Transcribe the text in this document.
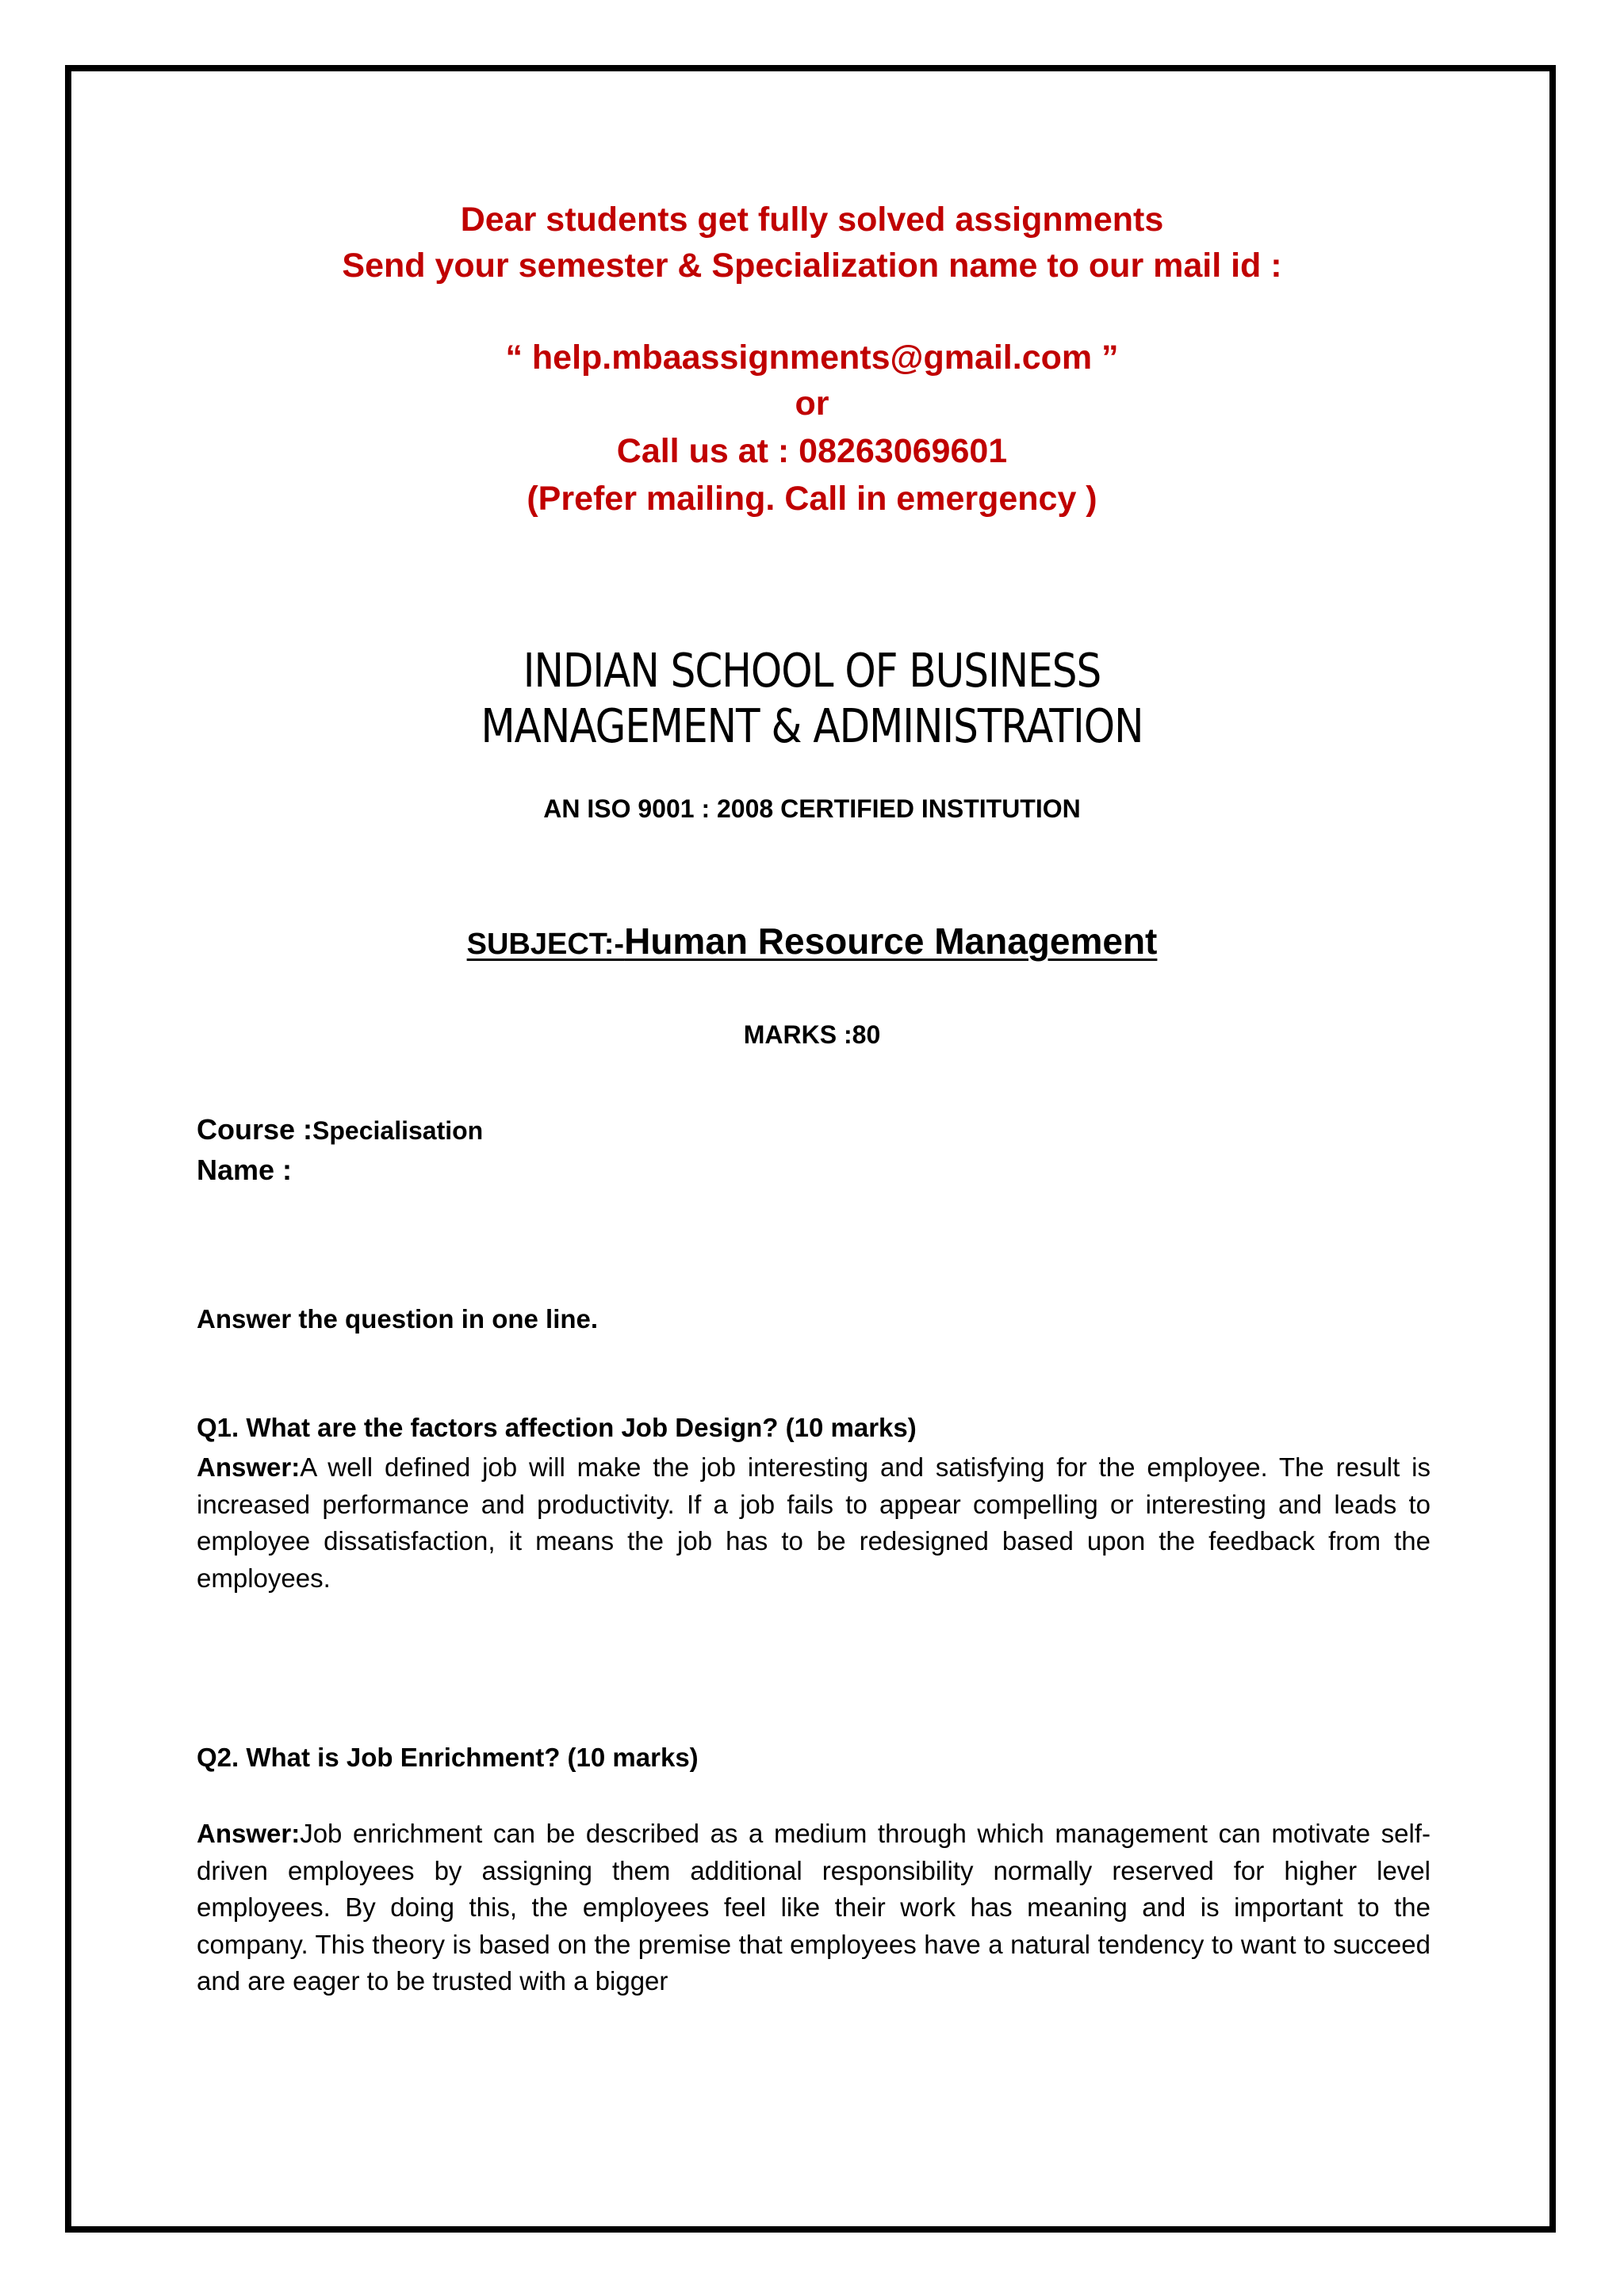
Dear students get fully solved assignments
Send your semester & Specialization name to our mail id :
“ help.mbaassignments@gmail.com ”
or
Call us at : 08263069601
(Prefer mailing. Call in emergency )
INDIAN SCHOOL OF BUSINESS
MANAGEMENT & ADMINISTRATION
AN ISO 9001 : 2008 CERTIFIED INSTITUTION
SUBJECT:-Human Resource Management
MARKS :80
Course :Specialisation
Name :
Answer the question in one line.
Q1. What are the factors affection Job Design? (10 marks)
Answer:A well defined job will make the job interesting and satisfying for the employee. The result is increased performance and productivity. If a job fails to appear compelling or interesting and leads to employee dissatisfaction, it means the job has to be redesigned based upon the feedback from the employees.
Q2. What is Job Enrichment? (10 marks)
Answer:Job enrichment can be described as a medium through which management can motivate self-driven employees by assigning them additional responsibility normally reserved for higher level employees. By doing this, the employees feel like their work has meaning and is important to the company. This theory is based on the premise that employees have a natural tendency to want to succeed and are eager to be trusted with a bigger
